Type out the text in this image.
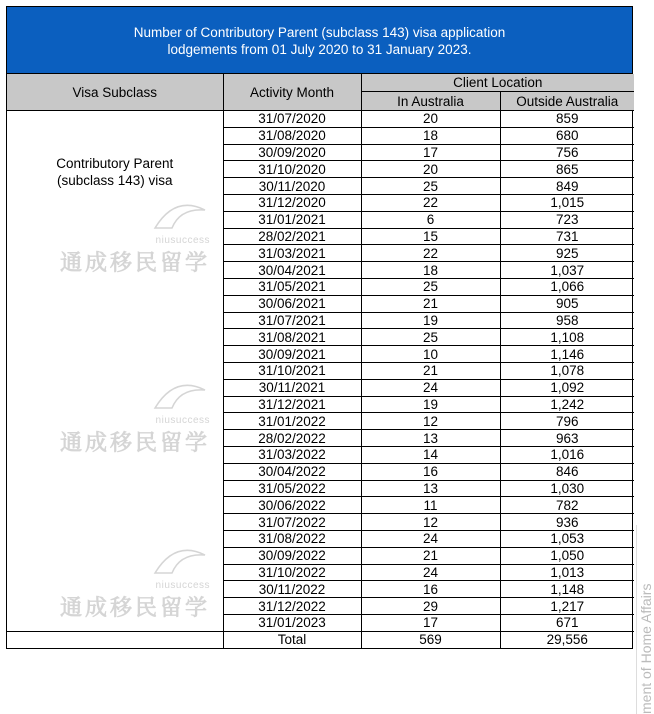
Number of Contributory Parent (subclass 143) visa application
lodgements from 01 July 2020 to 31 January 2023.
Visa Subclass	Activity Month	Client Location	
		In Australia	Outside Australia

Contributory Parent
(subclass 143) visa	31/07/2020	20	859
	31/08/2020	18	680
	30/09/2020	17	756
	31/10/2020	20	865
	30/11/2020	25	849
	31/12/2020	22	1,015
	31/01/2021	6	723
	28/02/2021	15	731
	31/03/2021	22	925
	30/04/2021	18	1,037
	31/05/2021	25	1,066
	30/06/2021	21	905
	31/07/2021	19	958
	31/08/2021	25	1,108
	30/09/2021	10	1,146
	31/10/2021	21	1,078
	30/11/2021	24	1,092
	31/12/2021	19	1,242
	31/01/2022	12	796
	28/02/2022	13	963
	31/03/2022	14	1,016
	30/04/2022	16	846
	31/05/2022	13	1,030
	30/06/2022	11	782
	31/07/2022	12	936
	31/08/2022	24	1,053
	30/09/2022	21	1,050
	31/10/2022	24	1,013
	30/11/2022	16	1,148
	31/12/2022	29	1,217
	31/01/2023	17	671
	Total	569	29,556	ment of Home Affairs
niusuccess
通成移民留学
niusuccess
通成移民留学
niusuccess
通成移民留学
